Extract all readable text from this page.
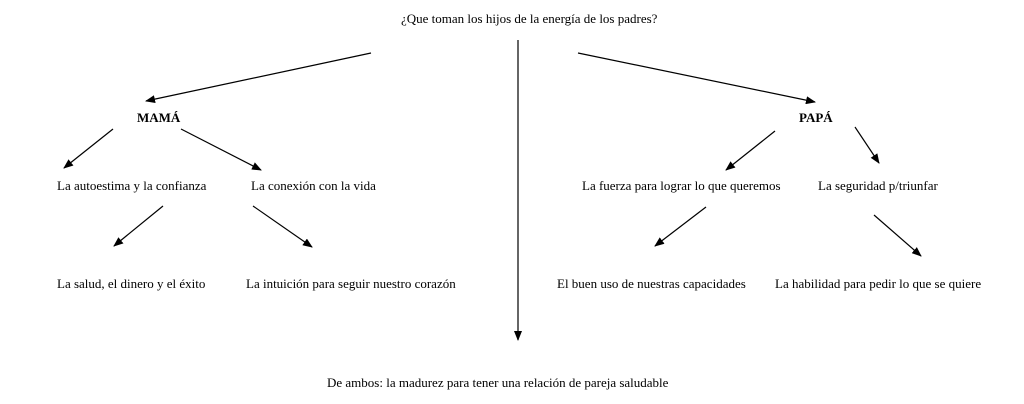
¿Que toman los hijos de la energía de los padres?
MAMÁ	PAPÁ
La autoestima y la confianza	La conexión con la vida	La fuerza para lograr lo que queremos	La seguridad p/triunfar
La salud, el dinero y el éxito	La intuición para seguir nuestro corazón	El buen uso de nuestras capacidades La habilidad para pedir lo que se quiere
De ambos: la madurez para tener una relación de pareja saludable
